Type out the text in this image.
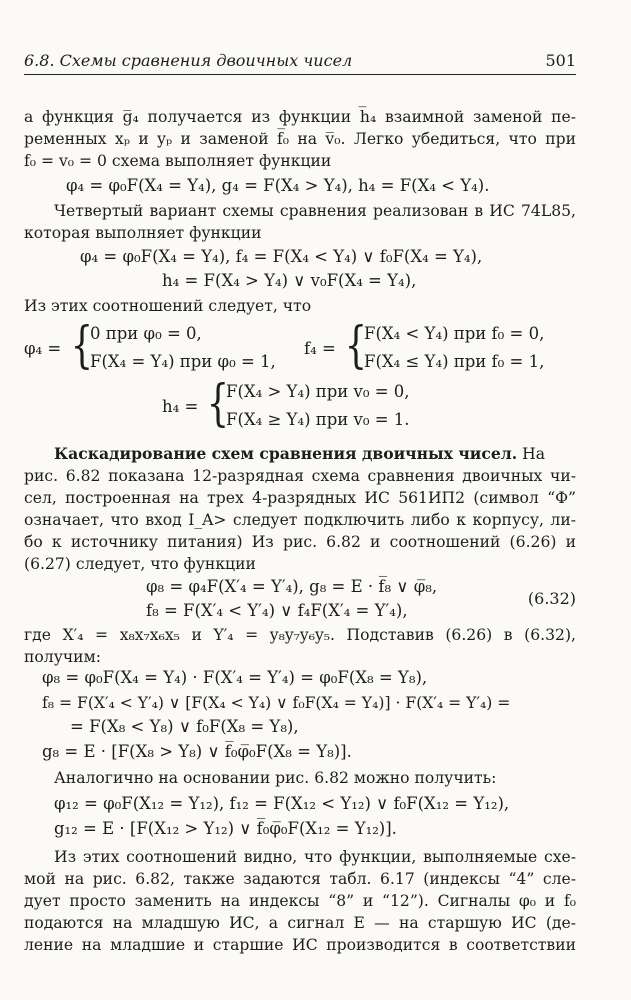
6.8. Схемы сравнения двоичных чисел	501
а функция g̅₄ получается из функции h̅₄ взаимной заменой пе-
ременных xₚ и yₚ и заменой f̅₀ на v̅₀. Легко убедиться, что при
f₀ = v₀ = 0 схема выполняет функции
φ₄ = φ₀F(X₄ = Y₄), g₄ = F(X₄ > Y₄), h₄ = F(X₄ < Y₄).
Четвертый вариант схемы сравнения реализован в ИС 74L85,
которая выполняет функции
φ₄ = φ₀F(X₄ = Y₄), f₄ = F(X₄ < Y₄) ∨ f₀F(X₄ = Y₄),
h₄ = F(X₄ > Y₄) ∨ v₀F(X₄ = Y₄),
Из этих соотношений следует, что
φ₄ = {
0 при φ₀ = 0,
F(X₄ = Y₄) при φ₀ = 1,
f₄ = {
F(X₄ < Y₄) при f₀ = 0,
F(X₄ ≤ Y₄) при f₀ = 1,
h₄ = {
F(X₄ > Y₄) при v₀ = 0,
F(X₄ ≥ Y₄) при v₀ = 1.
Каскадирование схем сравнения двоичных чисел. На
рис. 6.82 показана 12-разрядная схема сравнения двоичных чи-
сел, построенная на трех 4-разрядных ИС 561ИП2 (символ “Ф”
означает, что вход I_A> следует подключить либо к корпусу, ли-
бо к источнику питания) Из рис. 6.82 и соотношений (6.26) и
(6.27) следует, что функции
φ₈ = φ₄F(X′₄ = Y′₄), g₈ = E · f̅₈ ∨ φ̅₈,
f₈ = F(X′₄ < Y′₄) ∨ f₄F(X′₄ = Y′₄),
(6.32)
где X′₄ = x₈x₇x₆x₅ и Y′₄ = y₈y₇y₆y₅. Подставив (6.26) в (6.32),
получим:
φ₈ = φ₀F(X₄ = Y₄) · F(X′₄ = Y′₄) = φ₀F(X₈ = Y₈),
f₈ = F(X′₄ < Y′₄) ∨ [F(X₄ < Y₄) ∨ f₀F(X₄ = Y₄)] · F(X′₄ = Y′₄) =
= F(X₈ < Y₈) ∨ f₀F(X₈ = Y₈),
g₈ = E · [F(X₈ > Y₈) ∨ f̅₀φ̅₀F(X₈ = Y₈)].
Аналогично на основании рис. 6.82 можно получить:
φ₁₂ = φ₀F(X₁₂ = Y₁₂), f₁₂ = F(X₁₂ < Y₁₂) ∨ f₀F(X₁₂ = Y₁₂),
g₁₂ = E · [F(X₁₂ > Y₁₂) ∨ f̅₀φ̅₀F(X₁₂ = Y₁₂)].
Из этих соотношений видно, что функции, выполняемые схе-
мой на рис. 6.82, также задаются табл. 6.17 (индексы “4” сле-
дует просто заменить на индексы “8” и “12”). Сигналы φ₀ и f₀
подаются на младшую ИС, а сигнал E — на старшую ИС (де-
ление на младшие и старшие ИС производится в соответствии
